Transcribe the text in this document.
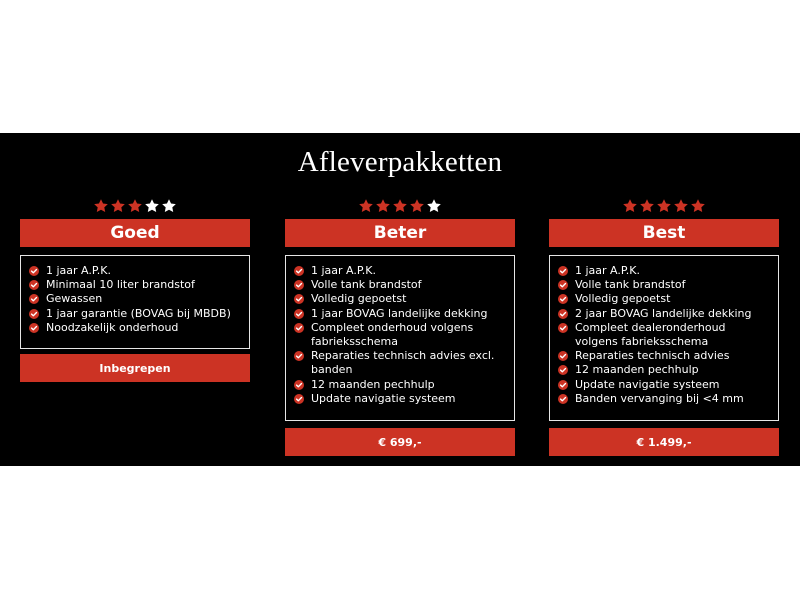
Afleverpakketten
Goed
1 jaar A.P.K.
Minimaal 10 liter brandstof
Gewassen
1 jaar garantie (BOVAG bij MBDB)
Noodzakelijk onderhoud
Inbegrepen
Beter
1 jaar A.P.K.
Volle tank brandstof
Volledig gepoetst
1 jaar BOVAG landelijke dekking
Compleet onderhoud volgens fabrieksschema
Reparaties technisch advies excl. banden
12 maanden pechhulp
Update navigatie systeem
€ 699,-
Best
1 jaar A.P.K.
Volle tank brandstof
Volledig gepoetst
2 jaar BOVAG landelijke dekking
Compleet dealeronderhoud volgens fabrieksschema
Reparaties technisch advies
12 maanden pechhulp
Update navigatie systeem
Banden vervanging bij <4 mm
€ 1.499,-
